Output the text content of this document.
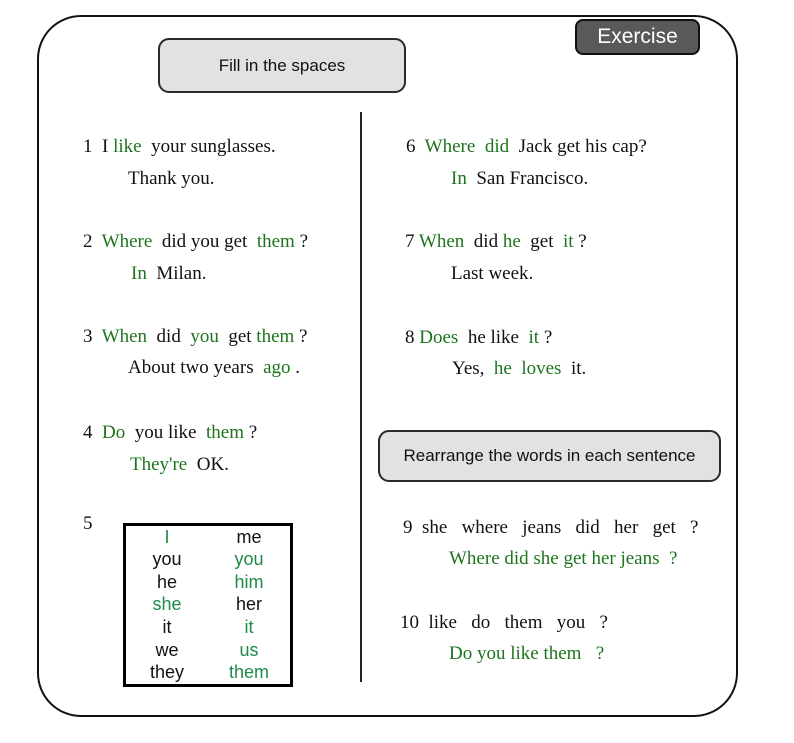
Exercise
Fill in the spaces
Rearrange the words in each sentence
1  I like  your sunglasses.
Thank you.
2  Where  did you get  them ?
In  Milan.
3  When  did  you  get them ?
About two years  ago .
4  Do  you like  them ?
They're  OK.
5
I	me
you	you
he	him
she	her
it	it
we	us
they	them
6  Where did  Jack get his cap?
In  San Francisco.
7 When  did he  get  it ?
Last week.
8 Does  he like  it ?
Yes,  he loves  it.
9  she   where   jeans   did   her   get   ?
Where did she get her jeans  ?
10  like   do   them   you   ?
Do you like them   ?
